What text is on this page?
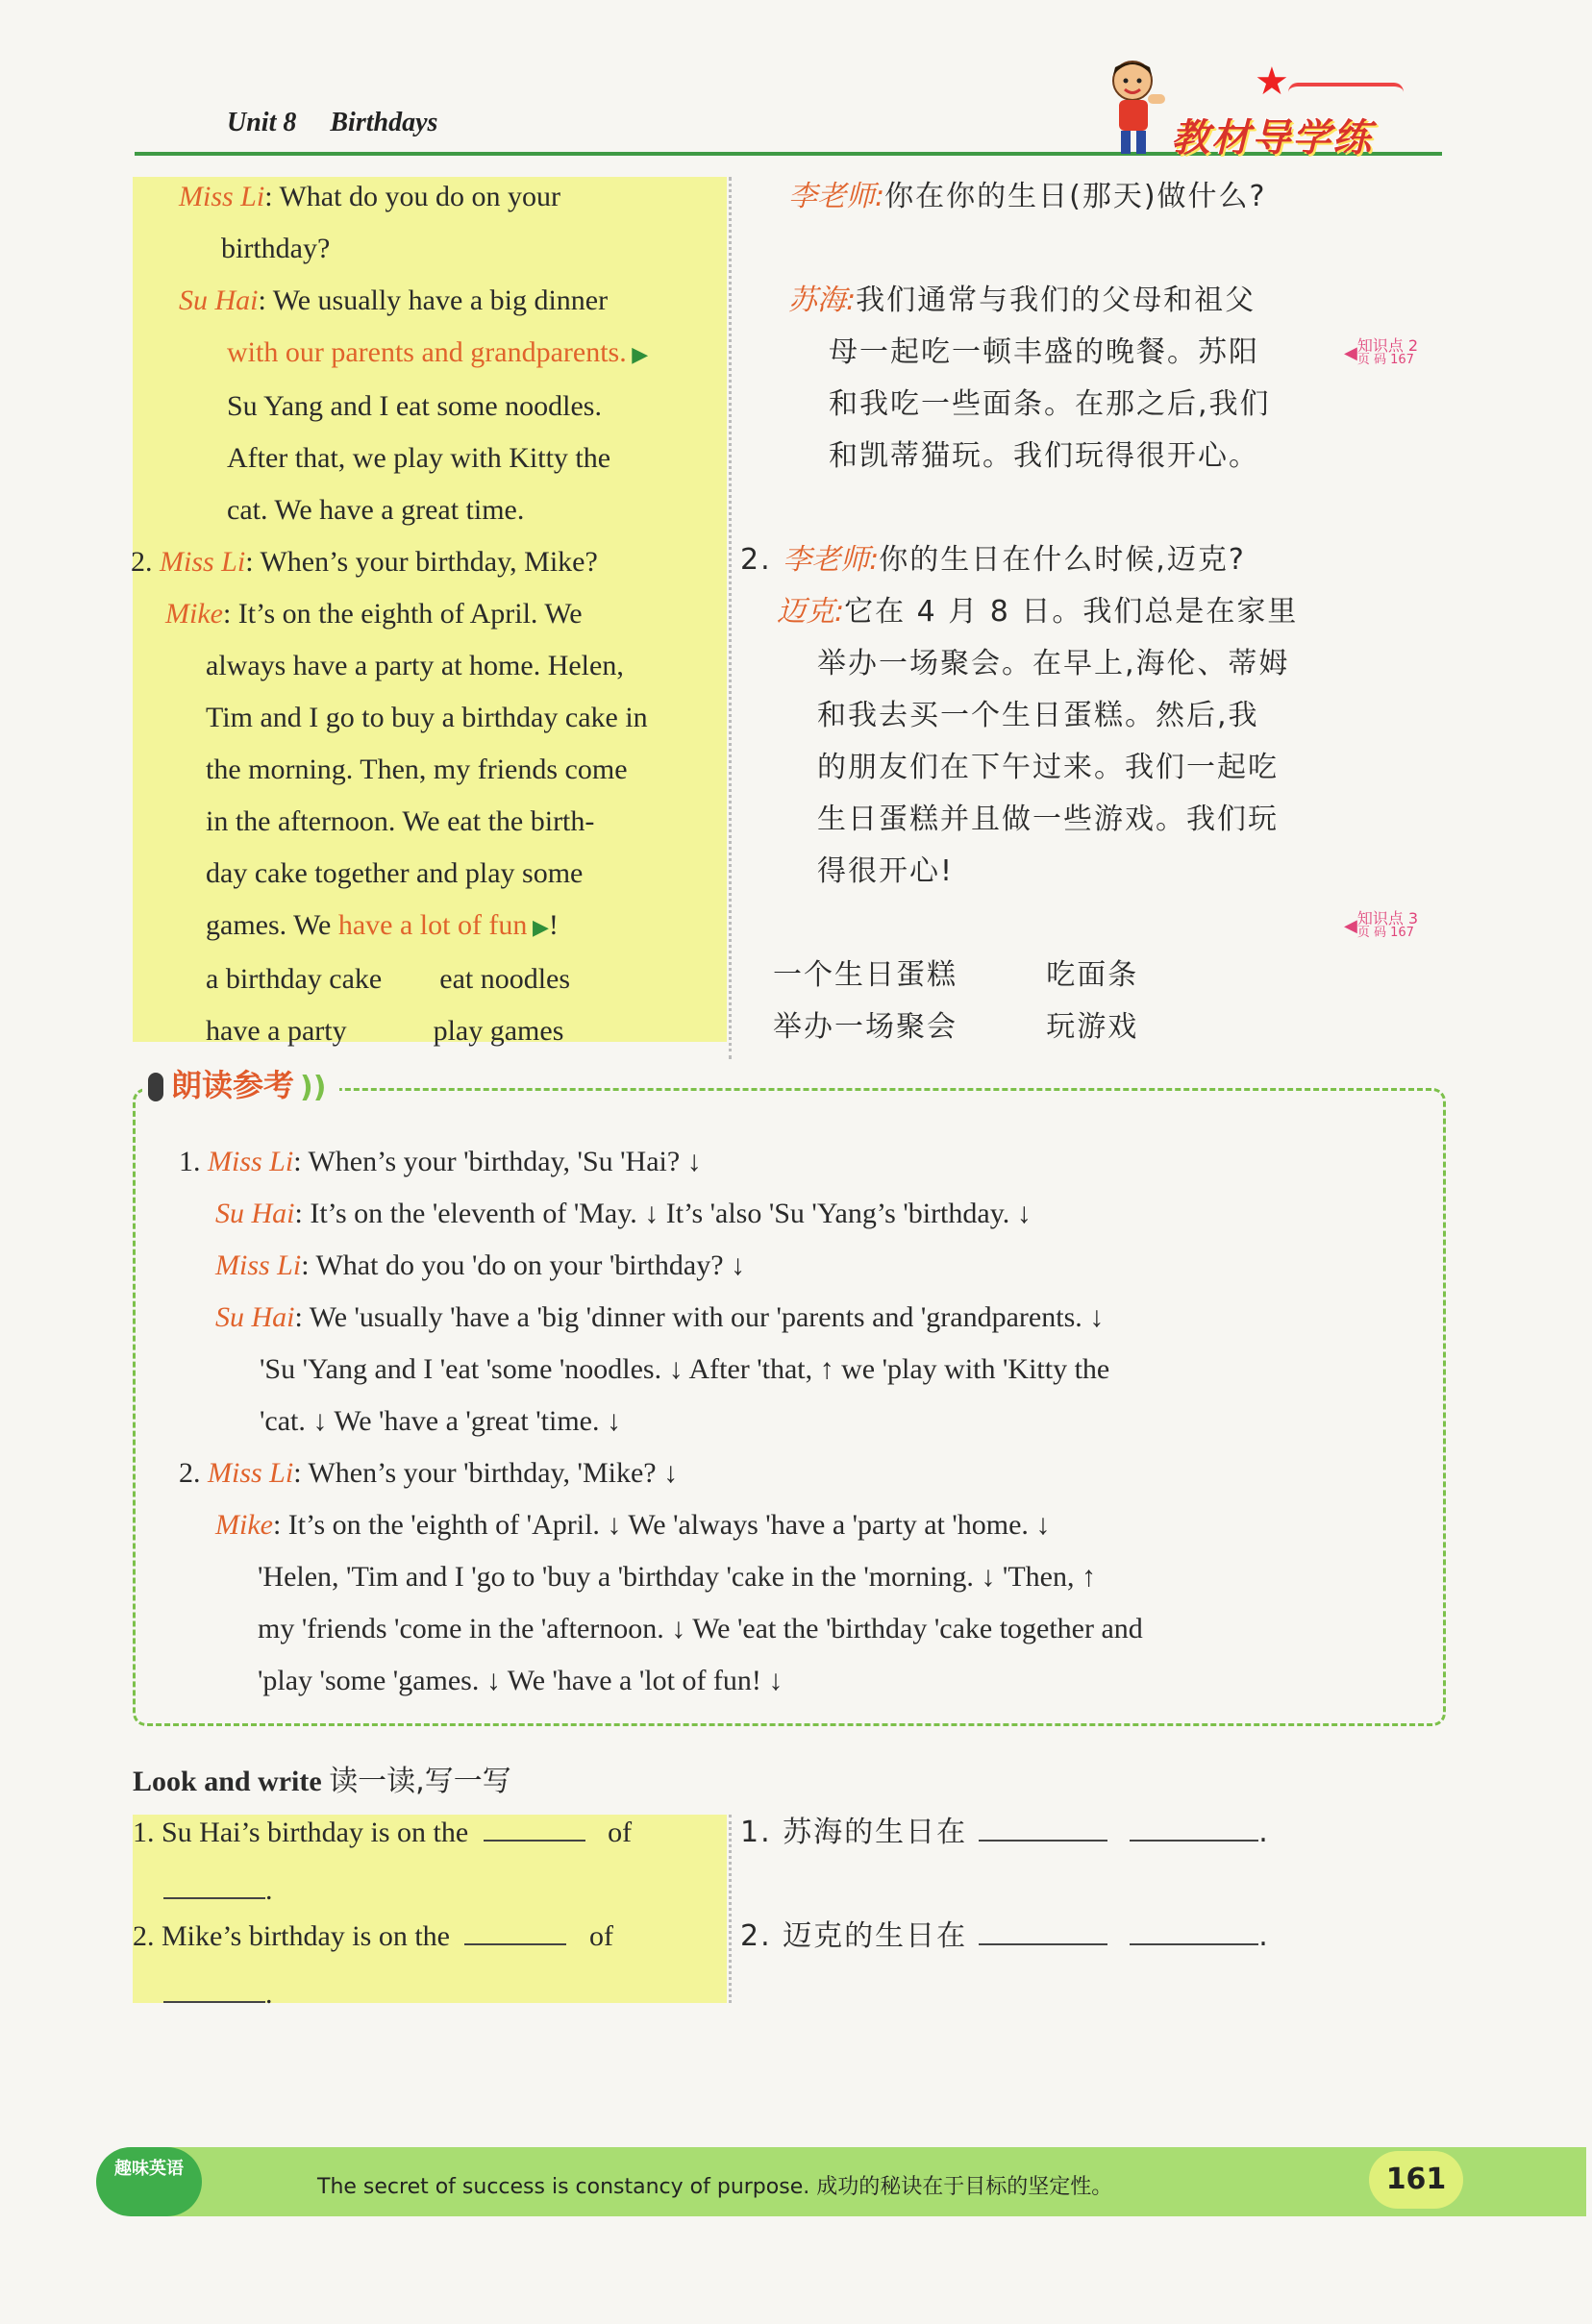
Unit 8 Birthdays
★
教材导学练
Miss Li: What do you do on your
birthday?
Su Hai: We usually have a big dinner
with our parents and grandparents. ▶
Su Yang and I eat some noodles.
After that, we play with Kitty the
cat. We have a great time.
2. Miss Li: When’s your birthday, Mike?
Mike: It’s on the eighth of April. We
always have a party at home. Helen,
Tim and I go to buy a birthday cake in
the morning. Then, my friends come
in the afternoon. We eat the birth-
day cake together and play some
games. We have a lot of fun ▶!
a birthday cake        eat noodles
have a party            play games
李老师:你在你的生日(那天)做什么?

苏海:我们通常与我们的父母和祖父
母一起吃一顿丰盛的晚餐。苏阳
和我吃一些面条。在那之后,我们
和凯蒂猫玩。我们玩得很开心。

2. 李老师:你的生日在什么时候,迈克?
迈克:它在 4 月 8 日。我们总是在家里
举办一场聚会。在早上,海伦、蒂姆
和我去买一个生日蛋糕。然后,我
的朋友们在下午过来。我们一起吃
生日蛋糕并且做一些游戏。我们玩
得很开心!

一个生日蛋糕        吃面条
举办一场聚会        玩游戏
◀ 知识点 2
页 码 167
◀ 知识点 3
页 码 167
朗读参考 ))
1. Miss Li: When’s your 'birthday, 'Su 'Hai? ↓
Su Hai: It’s on the 'eleventh of 'May. ↓ It’s 'also 'Su 'Yang’s 'birthday. ↓
Miss Li: What do you 'do on your 'birthday? ↓
Su Hai: We 'usually 'have a 'big 'dinner with our 'parents and 'grandparents. ↓
'Su 'Yang and I 'eat 'some 'noodles. ↓ After 'that, ↑ we 'play with 'Kitty the
'cat. ↓ We 'have a 'great 'time. ↓
2. Miss Li: When’s your 'birthday, 'Mike? ↓
Mike: It’s on the 'eighth of 'April. ↓ We 'always 'have a 'party at 'home. ↓
'Helen, 'Tim and I 'go to 'buy a 'birthday 'cake in the 'morning. ↓ 'Then, ↑
my 'friends 'come in the 'afternoon. ↓ We 'eat the 'birthday 'cake together and
'play 'some 'games. ↓ We 'have a 'lot of fun! ↓
Look and write 读一读,写一写
1. Su Hai’s birthday is on the	of
.
2. Mike’s birthday is on the	of
.
1. 苏海的生日在	.
2. 迈克的生日在	.
趣味英语
The secret of success is constancy of purpose. 成功的秘诀在于目标的坚定性。	161
